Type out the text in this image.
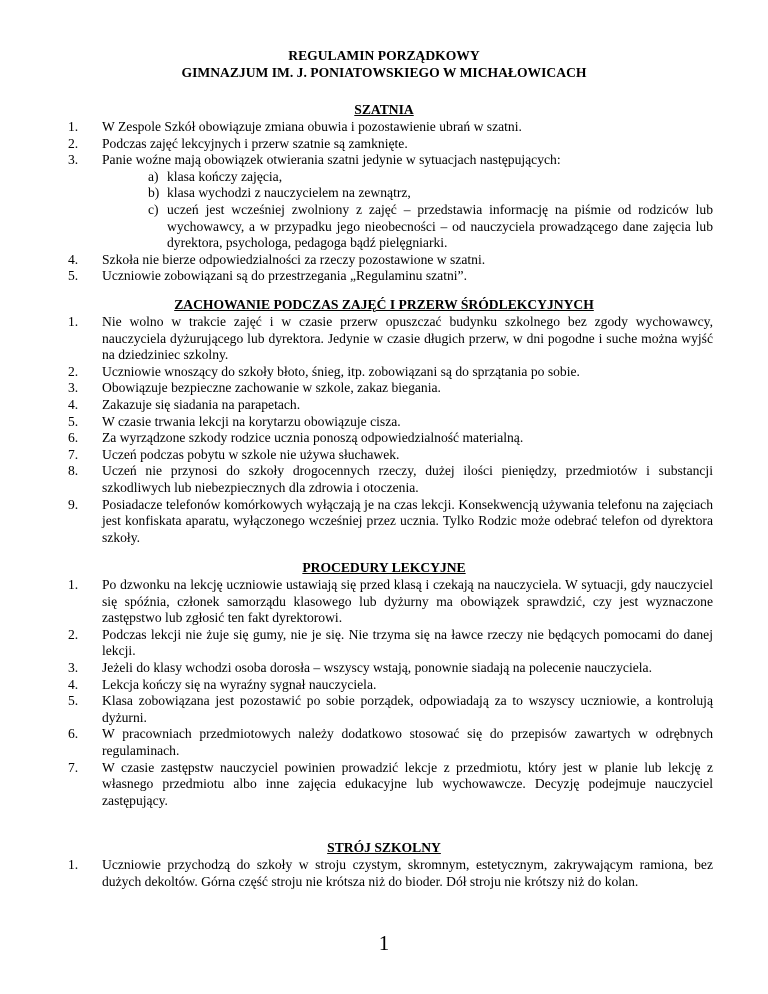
REGULAMIN PORZĄDKOWY
GIMNAZJUM IM. J. PONIATOWSKIEGO W MICHAŁOWICACH
SZATNIA
1. W Zespole Szkół obowiązuje zmiana obuwia i pozostawienie ubrań w szatni.
2. Podczas zajęć lekcyjnych i przerw szatnie są zamknięte.
3. Panie woźne mają obowiązek otwierania szatni jedynie w sytuacjach następujących:
a) klasa kończy zajęcia,
b) klasa wychodzi z nauczycielem na zewnątrz,
c) uczeń jest wcześniej zwolniony z zajęć – przedstawia informację na piśmie od rodziców lub wychowawcy, a w przypadku jego nieobecności – od nauczyciela prowadzącego dane zajęcia lub dyrektora, psychologa, pedagoga bądź pielęgniarki.
4. Szkoła nie bierze odpowiedzialności za rzeczy pozostawione w szatni.
5. Uczniowie zobowiązani są do przestrzegania „Regulaminu szatni”.
ZACHOWANIE PODCZAS ZAJĘĆ I PRZERW ŚRÓDLEKCYJNYCH
1. Nie wolno w trakcie zajęć i w czasie przerw opuszczać budynku szkolnego bez zgody wychowawcy, nauczyciela dyżurującego lub dyrektora. Jedynie w czasie długich przerw, w dni pogodne i suche można wyjść na dziedziniec szkolny.
2. Uczniowie wnoszący do szkoły błoto, śnieg, itp. zobowiązani są do sprzątania po sobie.
3. Obowiązuje bezpieczne zachowanie w szkole, zakaz biegania.
4. Zakazuje się siadania na parapetach.
5. W czasie trwania lekcji na korytarzu obowiązuje cisza.
6. Za wyrządzone szkody rodzice ucznia ponoszą odpowiedzialność materialną.
7. Uczeń podczas pobytu w szkole nie używa słuchawek.
8. Uczeń nie przynosi do szkoły drogocennych rzeczy, dużej ilości pieniędzy, przedmiotów i substancji szkodliwych lub niebezpiecznych dla zdrowia i otoczenia.
9. Posiadacze telefonów komórkowych wyłączają je na czas lekcji. Konsekwencją używania telefonu na zajęciach jest konfiskata aparatu, wyłączonego wcześniej przez ucznia. Tylko Rodzic może odebrać telefon od dyrektora szkoły.
PROCEDURY LEKCYJNE
1. Po dzwonku na lekcję uczniowie ustawiają się przed klasą i czekają na nauczyciela. W sytuacji, gdy nauczyciel się spóźnia, członek samorządu klasowego lub dyżurny ma obowiązek sprawdzić, czy jest wyznaczone zastępstwo lub zgłosić ten fakt dyrektorowi.
2. Podczas lekcji nie żuje się gumy, nie je się. Nie trzyma się na ławce rzeczy nie będących pomocami do danej lekcji.
3. Jeżeli do klasy wchodzi osoba dorosła – wszyscy wstają, ponownie siadają na polecenie nauczyciela.
4. Lekcja kończy się na wyraźny sygnał nauczyciela.
5. Klasa zobowiązana jest pozostawić po sobie porządek, odpowiadają za to wszyscy uczniowie, a kontrolują dyżurni.
6. W pracowniach przedmiotowych należy dodatkowo stosować się do przepisów zawartych w odrębnych regulaminach.
7. W czasie zastępstw nauczyciel powinien prowadzić lekcje z przedmiotu, który jest w planie lub lekcję z własnego przedmiotu albo inne zajęcia edukacyjne lub wychowawcze. Decyzję podejmuje nauczyciel zastępujący.
STRÓJ SZKOLNY
1. Uczniowie przychodzą do szkoły w stroju czystym, skromnym, estetycznym, zakrywającym ramiona, bez dużych dekoltów. Górna część stroju nie krótsza niż do bioder. Dół stroju nie krótszy niż do kolan.
1
